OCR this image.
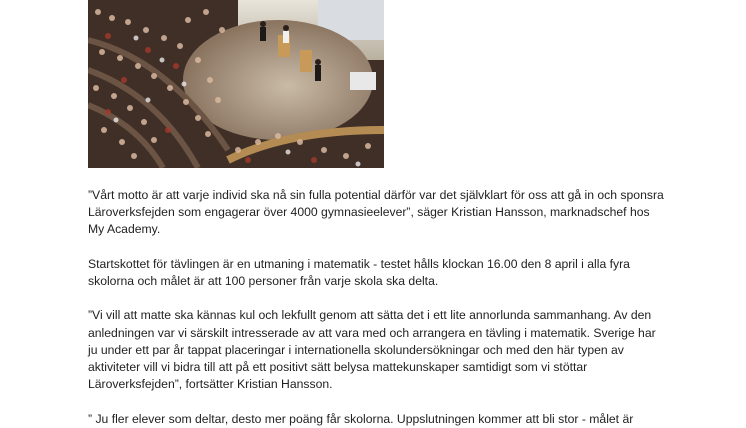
”Vårt motto är att varje individ ska nå sin fulla potential därför var det självklart för oss att gå in och sponsra Läroverksfejden som engagerar över 4000 gymnasieelever”, säger Kristian Hansson, marknadschef hos My Academy.

Startskottet för tävlingen är en utmaning i matematik - testet hålls klockan 16.00 den 8 april i alla fyra skolorna och målet är att 100 personer från varje skola ska delta.

”Vi vill att matte ska kännas kul och lekfullt genom att sätta det i ett lite annorlunda sammanhang. Av den anledningen var vi särskilt intresserade av att vara med och arrangera en tävling i matematik. Sverige har ju under ett par år tappat placeringar i internationella skolundersökningar och med den här typen av aktiviteter vill vi bidra till att på ett positivt sätt belysa mattekunskaper samtidigt som vi stöttar Läroverksfejden”, fortsätter Kristian Hansson.

” Ju fler elever som deltar, desto mer poäng får skolorna. Uppslutningen kommer att bli stor - målet är
